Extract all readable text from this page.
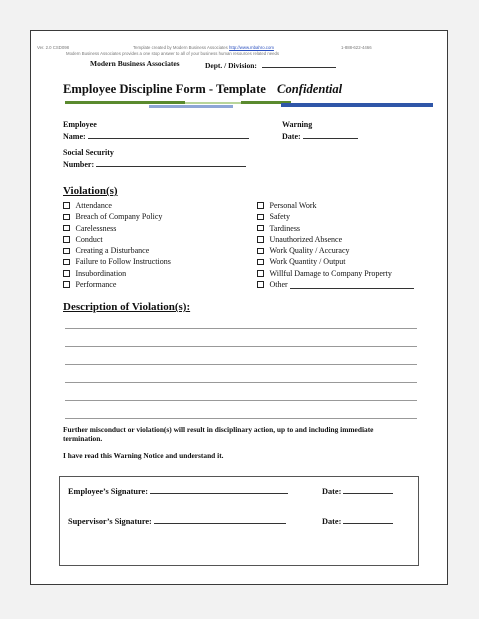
Ver. 2.0 CSD098	Template created by Modern Business Associates http://www.mbahro.com	1-888-622-4466
Modern Business Associates provides a one stop answer to all of your business human resources related needs
Modern Business Associates	Dept. / Division:
Employee Discipline Form - Template Confidential
Employee
Name:
Warning
Date:
Social Security
Number:
Violation(s)
Attendance
Breach of Company Policy
Carelessness
Conduct
Creating a Disturbance
Failure to Follow Instructions
Insubordination
Performance
Personal Work
Safety
Tardiness
Unauthorized Absence
Work Quality / Accuracy
Work Quantity / Output
Willful Damage to Company Property
Other
Description of Violation(s):
Further misconduct or violation(s) will result in disciplinary action, up to and including immediate termination.
I have read this Warning Notice and understand it.
Employee’s Signature:	Date:
Supervisor’s Signature:	Date:
